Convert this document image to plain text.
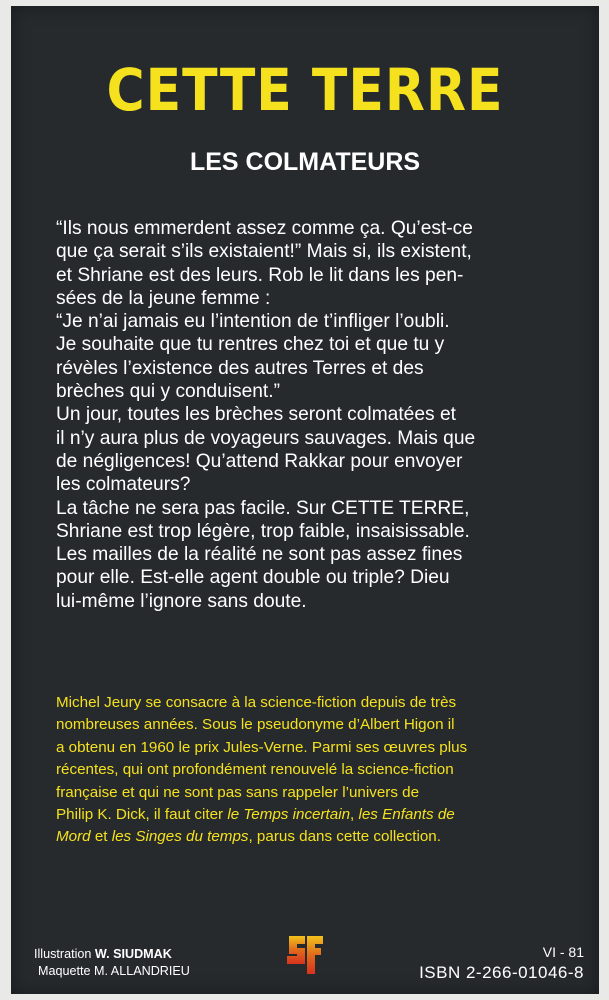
CETTE TERRE
LES COLMATEURS

“Ils nous emmerdent assez comme ça. Qu’est-ce

que ça serait s’ils existaient!” Mais si, ils existent,

et Shriane est des leurs. Rob le lit dans les pen-

sées de la jeune femme :

“Je n’ai jamais eu l’intention de t’infliger l’oubli.

Je souhaite que tu rentres chez toi et que tu y

révèles l’existence des autres Terres et des

brèches qui y conduisent.”

Un jour, toutes les brèches seront colmatées et

il n’y aura plus de voyageurs sauvages. Mais que

de négligences! Qu’attend Rakkar pour envoyer

les colmateurs?

La tâche ne sera pas facile. Sur CETTE TERRE,

Shriane est trop légère, trop faible, insaisissable.

Les mailles de la réalité ne sont pas assez fines

pour elle. Est-elle agent double ou triple? Dieu

lui-même l’ignore sans doute.

Michel Jeury se consacre à la science-fiction depuis de très

nombreuses années. Sous le pseudonyme d’Albert Higon il

a obtenu en 1960 le prix Jules-Verne. Parmi ses œuvres plus

récentes, qui ont profondément renouvelé la science-fiction

française et qui ne sont pas sans rappeler l’univers de

Philip K. Dick, il faut citer le Temps incertain, les Enfants de

Mord et les Singes du temps, parus dans cette collection.

Illustration W. SIUDMAK
Maquette M. ALLANDRIEU
VI - 81
ISBN 2-266-01046-8
